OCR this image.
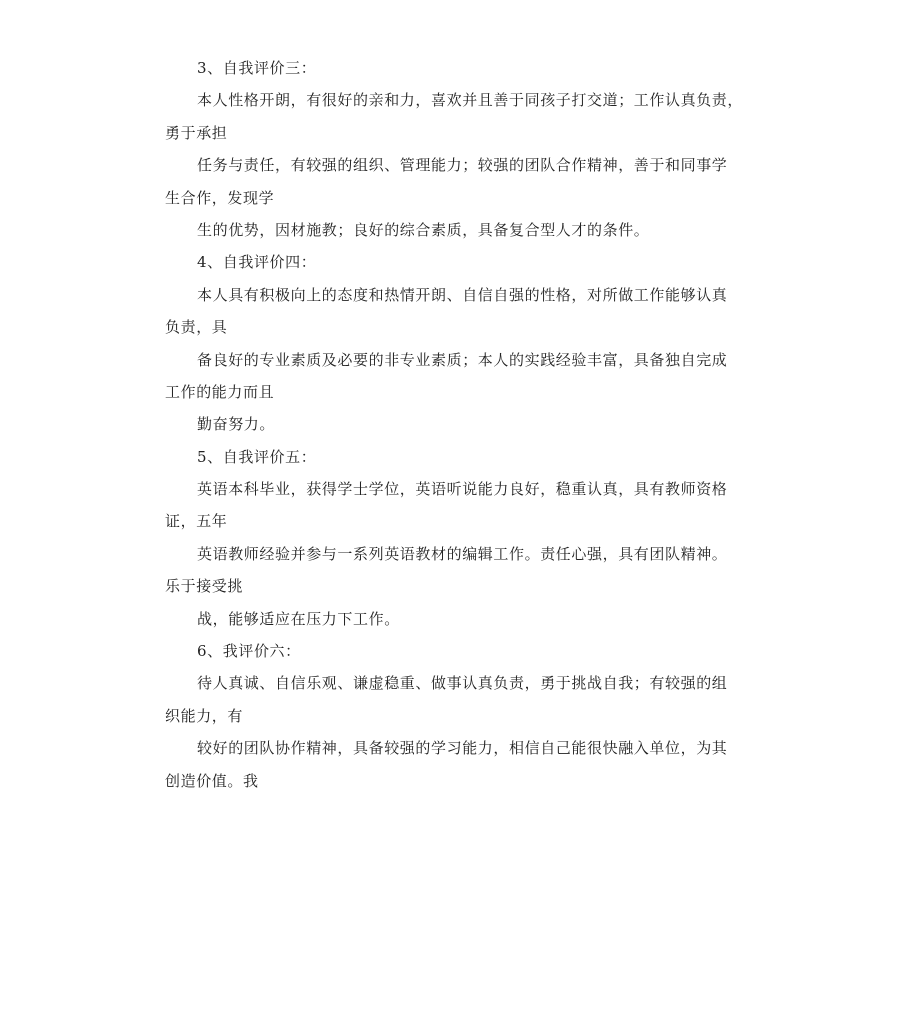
3、自我评价三：
本人性格开朗，有很好的亲和力，喜欢并且善于同孩子打交道；工作认真负责，
勇于承担
任务与责任，有较强的组织、管理能力；较强的团队合作精神，善于和同事学
生合作，发现学
生的优势，因材施教；良好的综合素质，具备复合型人才的条件。
4、自我评价四：
本人具有积极向上的态度和热情开朗、自信自强的性格，对所做工作能够认真
负责，具
备良好的专业素质及必要的非专业素质；本人的实践经验丰富，具备独自完成
工作的能力而且
勤奋努力。
5、自我评价五：
英语本科毕业，获得学士学位，英语听说能力良好，稳重认真，具有教师资格
证，五年
英语教师经验并参与一系列英语教材的编辑工作。责任心强，具有团队精神。
乐于接受挑
战，能够适应在压力下工作。
6、我评价六：
待人真诚、自信乐观、谦虚稳重、做事认真负责，勇于挑战自我；有较强的组
织能力，有
较好的团队协作精神，具备较强的学习能力，相信自己能很快融入单位，为其
创造价值。我
